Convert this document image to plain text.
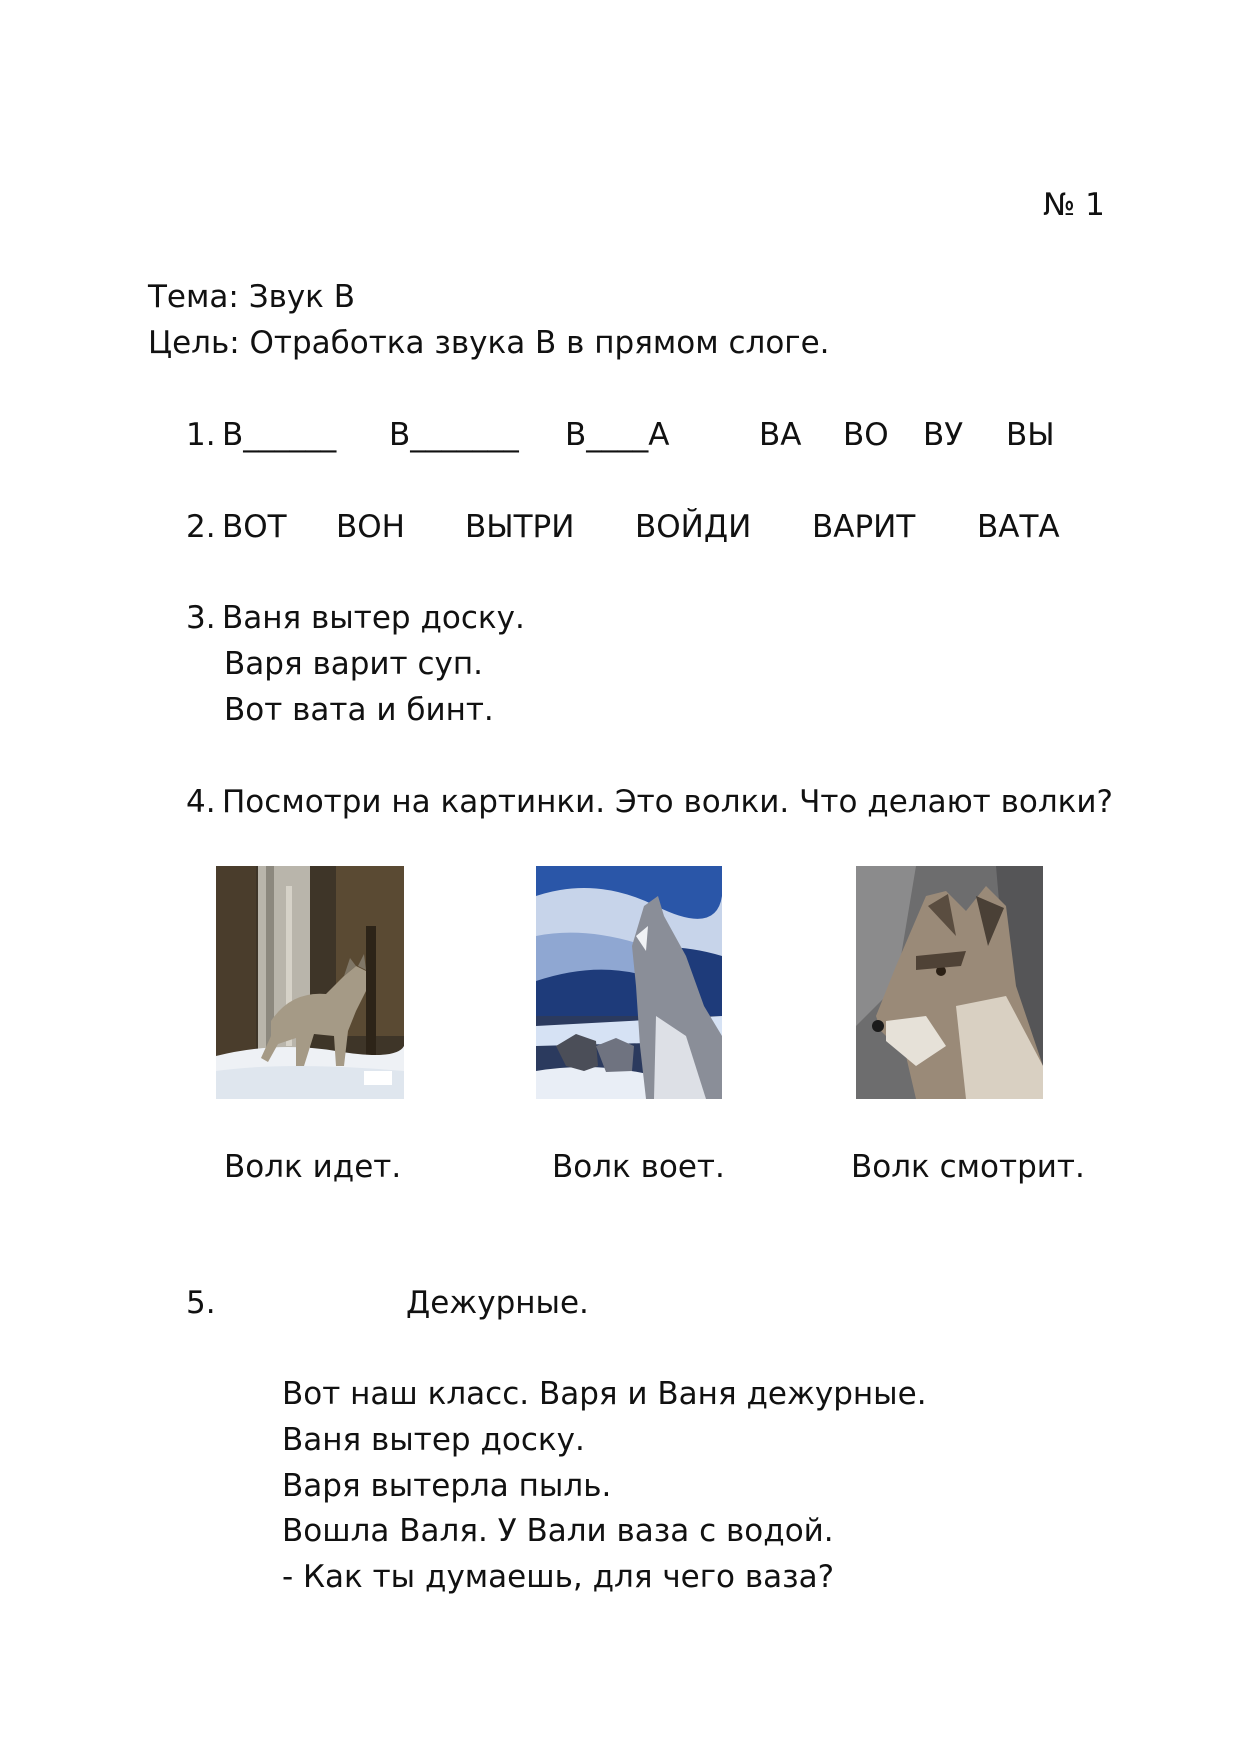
№ 1
Тема: Звук В
Цель: Отработка звука В в прямом слоге.
1. В______ В_______ В____А	ВА ВО ВУ ВЫ
2. ВОТ ВОН ВЫТРИ ВОЙДИ ВАРИТ ВАТА
3. Ваня вытер доску.
Варя варит суп.
Вот вата и бинт.
4. Посмотри на картинки. Это волки. Что делают волки?
Волк идет.	Волк воет.	Волк смотрит.
5.	Дежурные.
Вот наш класс. Варя и Ваня дежурные.
Ваня вытер доску.
Варя вытерла пыль.
Вошла Валя. У Вали ваза с водой.
- Как ты думаешь, для чего ваза?
